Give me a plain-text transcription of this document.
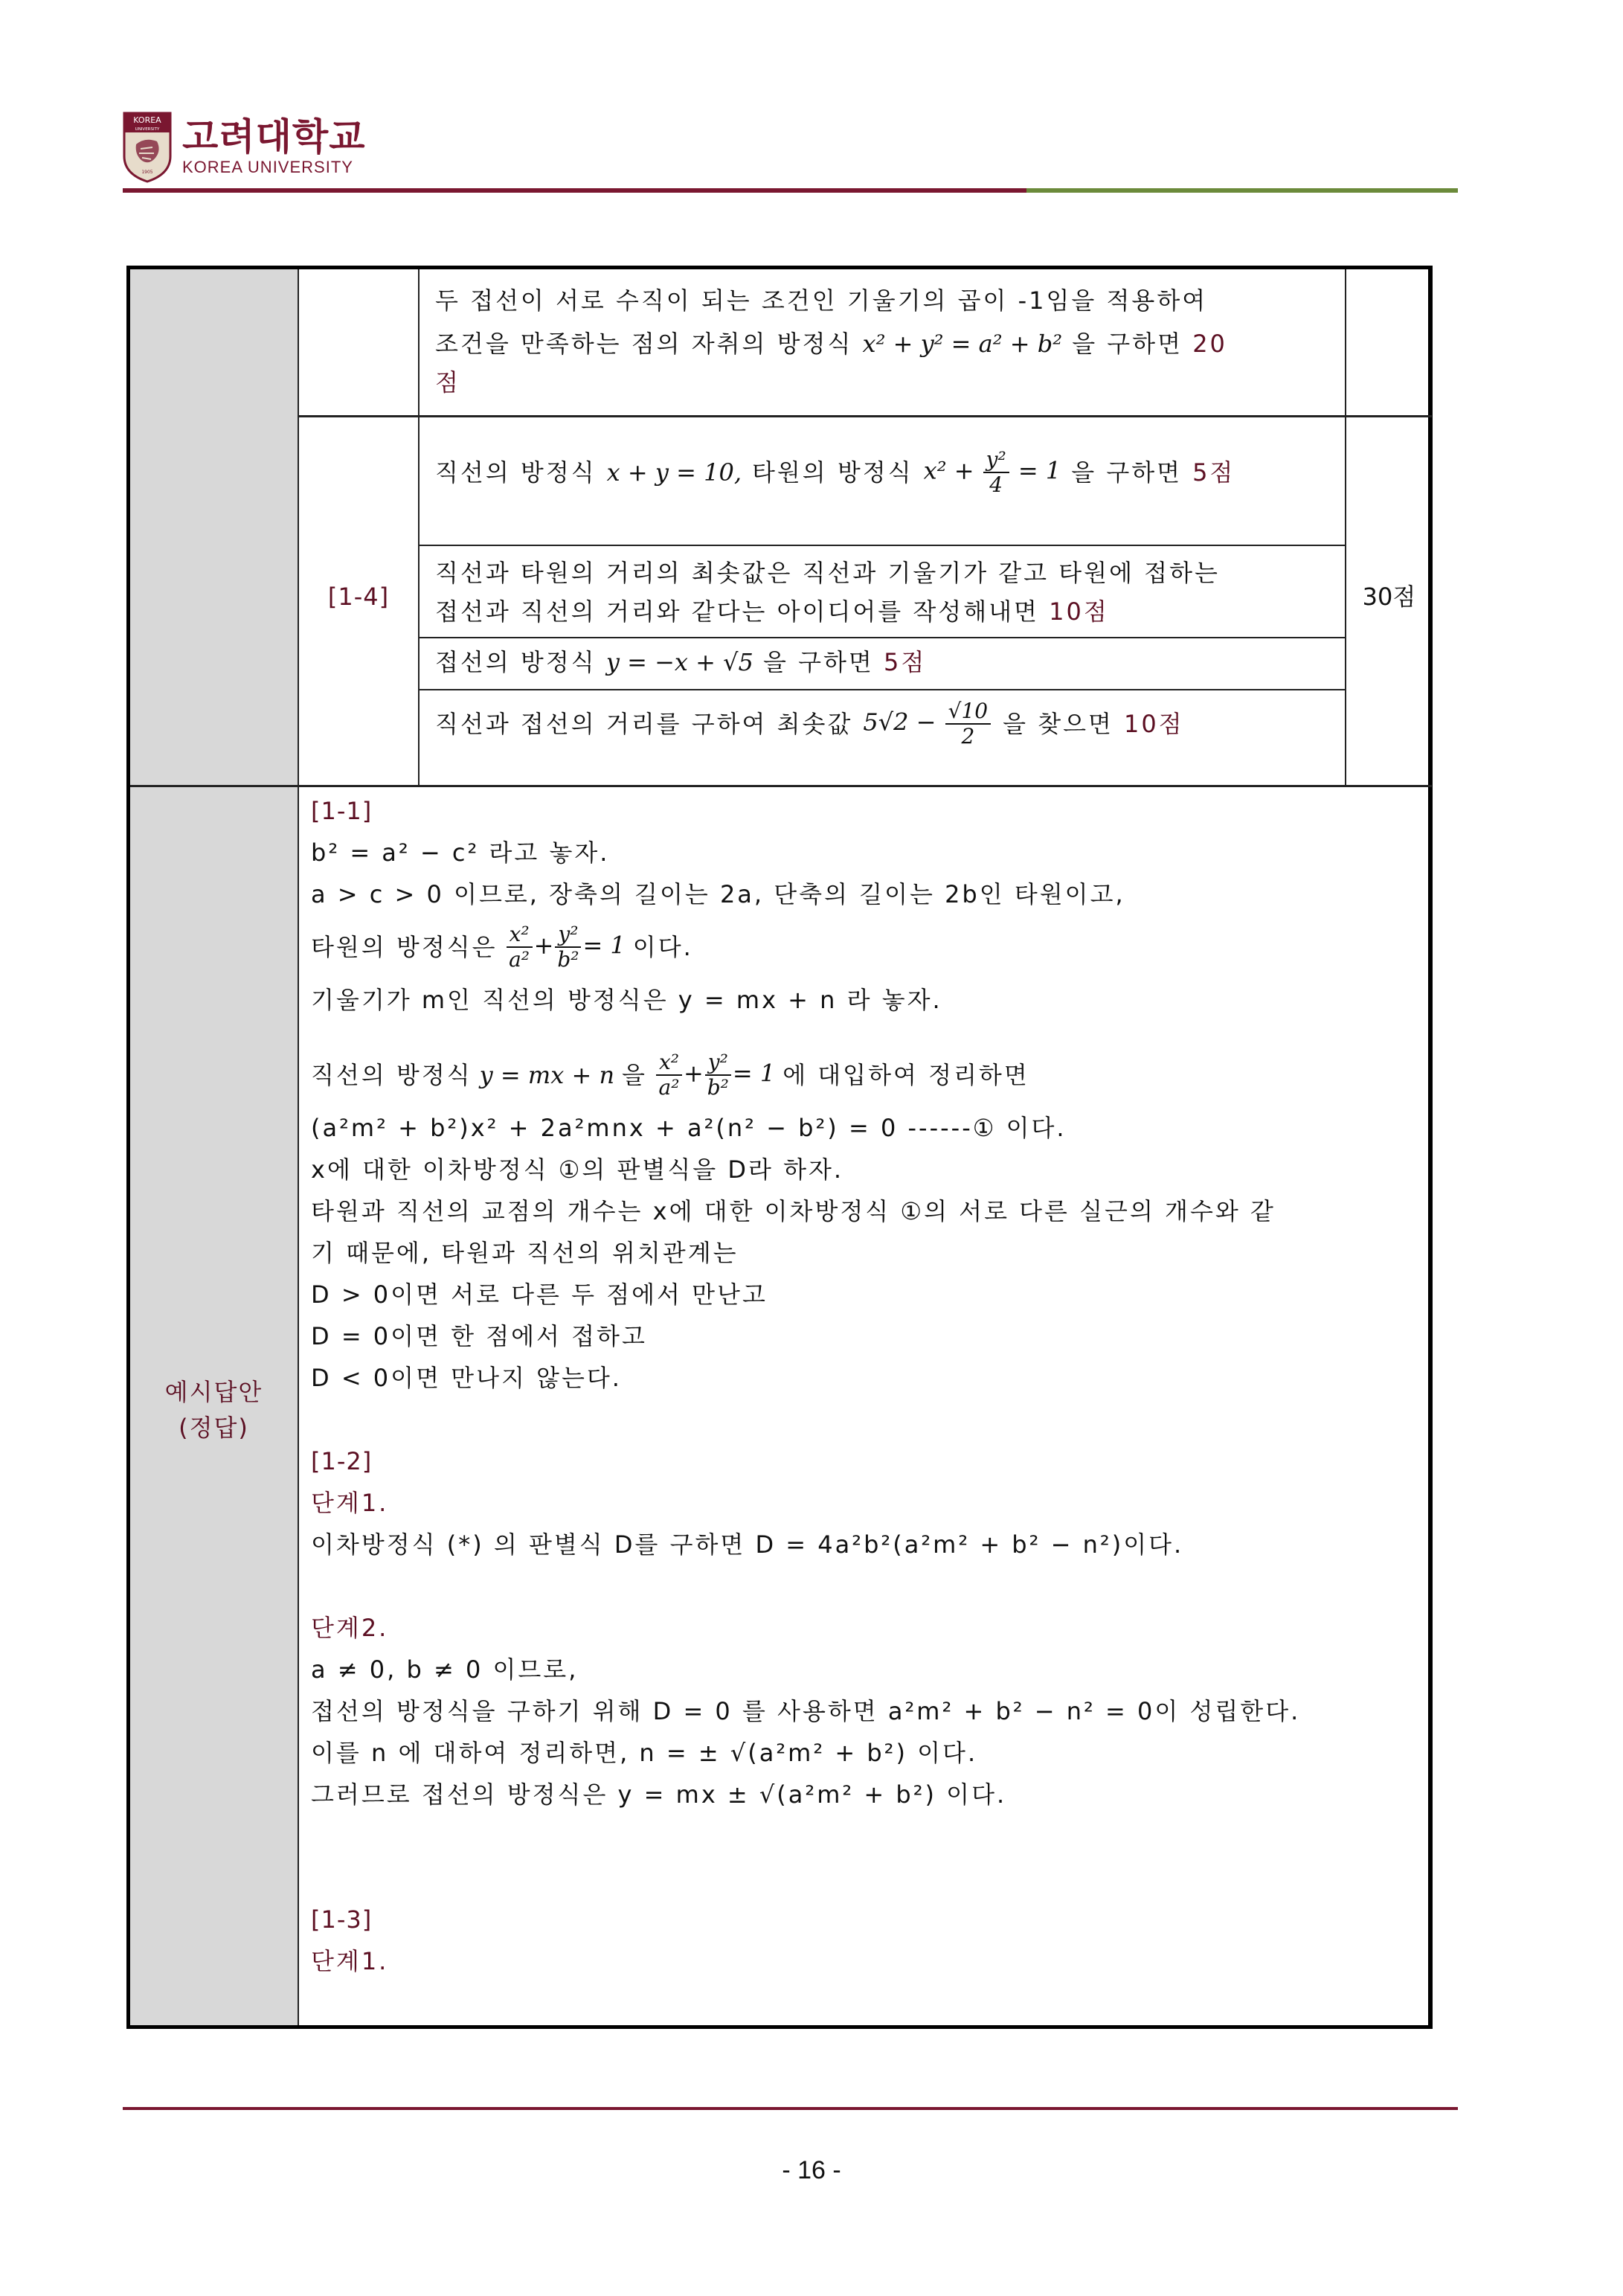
KOREA
UNIVERSITY
1905
고려대학교
KOREA UNIVERSITY
두 접선이 서로 수직이 되는 조건인 기울기의 곱이 -1임을 적용하여
조건을 만족하는 점의 자취의 방정식 x² + y² = a² + b² 을 구하면 20
점
[1-4]	30점
직선의 방정식 x + y = 10, 타원의 방정식 $x^2 + \frac{\text{y²}}{4} = 1$ 을 구하면 5점
직선과 타원의 거리의 최솟값은 직선과 기울기가 같고 타원에 접하는
접선과 직선의 거리와 같다는 아이디어를 작성해내면 10점
접선의 방정식 y = −x + √5 을 구하면 5점
직선과 접선의 거리를 구하여 최솟값 $5√2 - \frac{√10}{2}$ 을 찾으면 10점
예시답안
(정답)
[1-1]
b² = a² − c² 라고 놓자.
a > c > 0 이므로, 장축의 길이는 2a, 단축의 길이는 2b인 타원이고,
타원의 방정식은 $\frac{\text{x²}}{\text{a²}} + \frac{\text{y²}}{\text{b²}} = 1$ 이다.
기울기가 m인 직선의 방정식은 y = mx + n 라 놓자.
직선의 방정식 y = mx + n 을 $\frac{\text{x²}}{\text{a²}} + \frac{\text{y²}}{\text{b²}} = 1$ 에 대입하여 정리하면
(a²m² + b²)x² + 2a²mnx + a²(n² − b²) = 0 ------① 이다.
x에 대한 이차방정식 ①의 판별식을 D라 하자.
타원과 직선의 교점의 개수는 x에 대한 이차방정식 ①의 서로 다른 실근의 개수와 같
기 때문에, 타원과 직선의 위치관계는
D > 0이면 서로 다른 두 점에서 만난고
D = 0이면 한 점에서 접하고
D < 0이면 만나지 않는다.
[1-2]
단계1.
이차방정식 (*) 의 판별식 D를 구하면 D = 4a²b²(a²m² + b² − n²)이다.
단계2.
a ≠ 0, b ≠ 0 이므로,
접선의 방정식을 구하기 위해 D = 0 를 사용하면 a²m² + b² − n² = 0이 성립한다.
이를 n 에 대하여 정리하면, n = ± √(a²m² + b²) 이다.
그러므로 접선의 방정식은 y = mx ± √(a²m² + b²) 이다.
[1-3]
단계1.
- 16 -
